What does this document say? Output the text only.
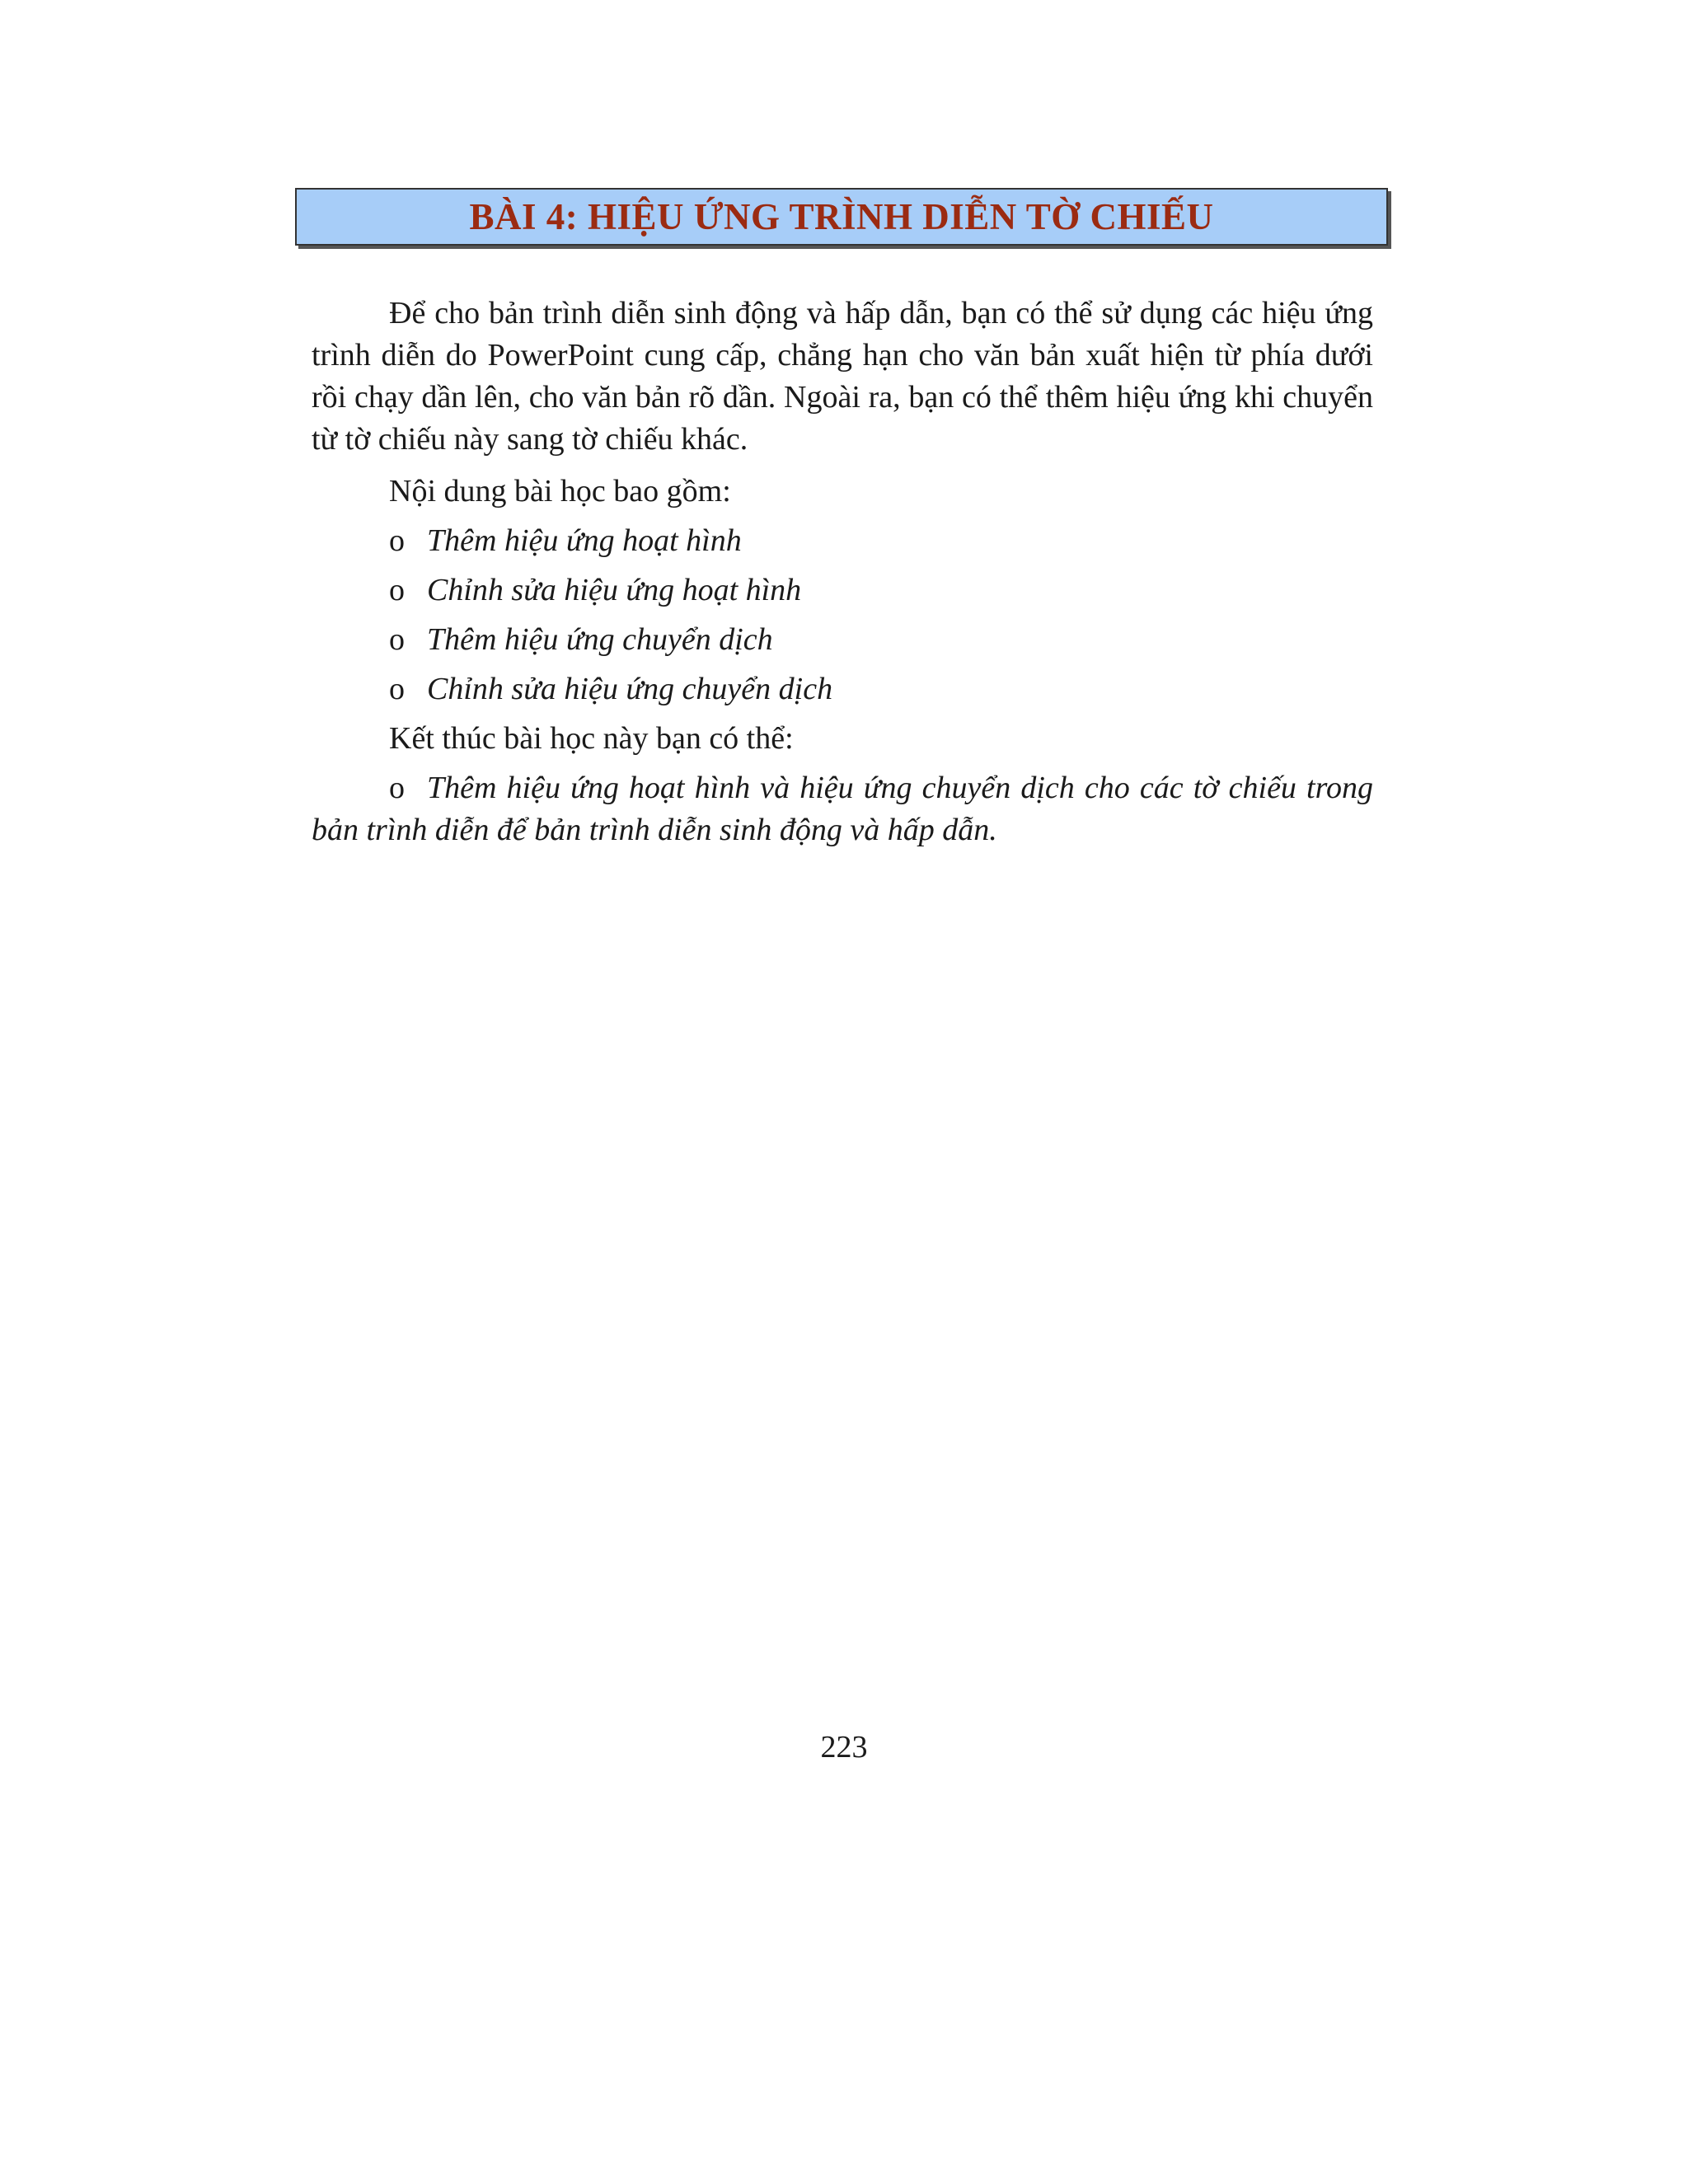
BÀI 4: HIỆU ỨNG TRÌNH DIỄN TỜ CHIẾU

Để cho bản trình diễn sinh động và hấp dẫn, bạn có thể sử dụng các hiệu ứng trình diễn do PowerPoint cung cấp, chẳng hạn cho văn bản xuất hiện từ phía dưới rồi chạy dần lên, cho văn bản rõ dần. Ngoài ra, bạn có thể thêm hiệu ứng khi chuyển từ tờ chiếu này sang tờ chiếu khác.

Nội dung bài học bao gồm:

o Thêm hiệu ứng hoạt hình
o Chỉnh sửa hiệu ứng hoạt hình
o Thêm hiệu ứng chuyển dịch
o Chỉnh sửa hiệu ứng chuyển dịch

Kết thúc bài học này bạn có thể:

o Thêm hiệu ứng hoạt hình và hiệu ứng chuyển dịch cho các tờ chiếu trong bản trình diễn để bản trình diễn sinh động và hấp dẫn.

223
